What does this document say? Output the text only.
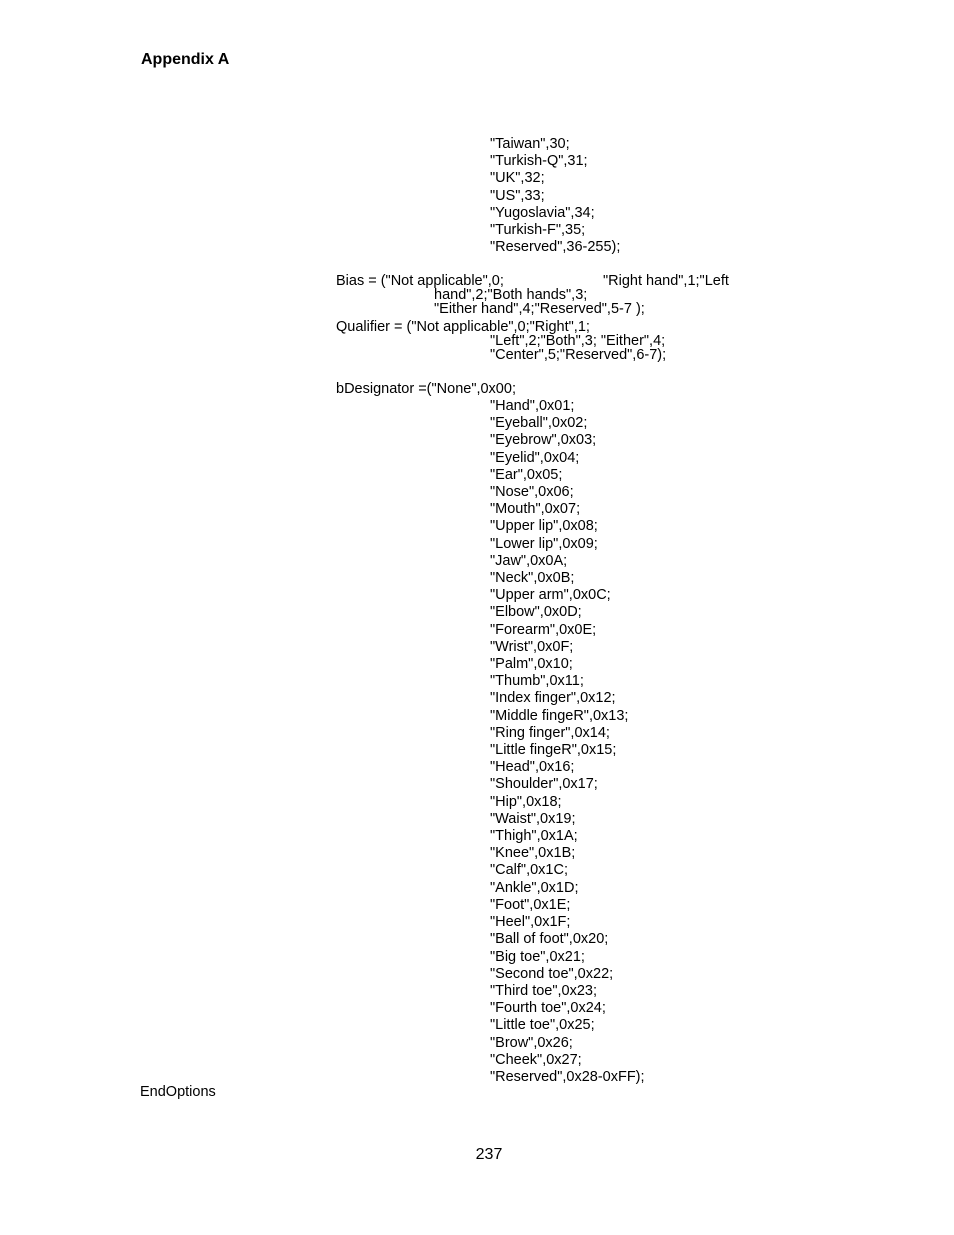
Appendix A
"Taiwan",30;
"Turkish-Q",31;
"UK",32;
"US",33;
"Yugoslavia",34;
"Turkish-F",35;
"Reserved",36-255);
Bias = ("Not applicable",0;	"Right hand",1;"Left
hand",2;"Both hands",3;
"Either hand",4;"Reserved",5-7 );
Qualifier = ("Not applicable",0;"Right",1;
"Left",2;"Both",3; "Either",4;
"Center",5;"Reserved",6-7);
bDesignator =("None",0x00;
"Hand",0x01;
"Eyeball",0x02;
"Eyebrow",0x03;
"Eyelid",0x04;
"Ear",0x05;
"Nose",0x06;
"Mouth",0x07;
"Upper lip",0x08;
"Lower lip",0x09;
"Jaw",0x0A;
"Neck",0x0B;
"Upper arm",0x0C;
"Elbow",0x0D;
"Forearm",0x0E;
"Wrist",0x0F;
"Palm",0x10;
"Thumb",0x11;
"Index finger",0x12;
"Middle fingeR",0x13;
"Ring finger",0x14;
"Little fingeR",0x15;
"Head",0x16;
"Shoulder",0x17;
"Hip",0x18;
"Waist",0x19;
"Thigh",0x1A;
"Knee",0x1B;
"Calf",0x1C;
"Ankle",0x1D;
"Foot",0x1E;
"Heel",0x1F;
"Ball of foot",0x20;
"Big toe",0x21;
"Second toe",0x22;
"Third toe",0x23;
"Fourth toe",0x24;
"Little toe",0x25;
"Brow",0x26;
"Cheek",0x27;
"Reserved",0x28-0xFF);
EndOptions
237
